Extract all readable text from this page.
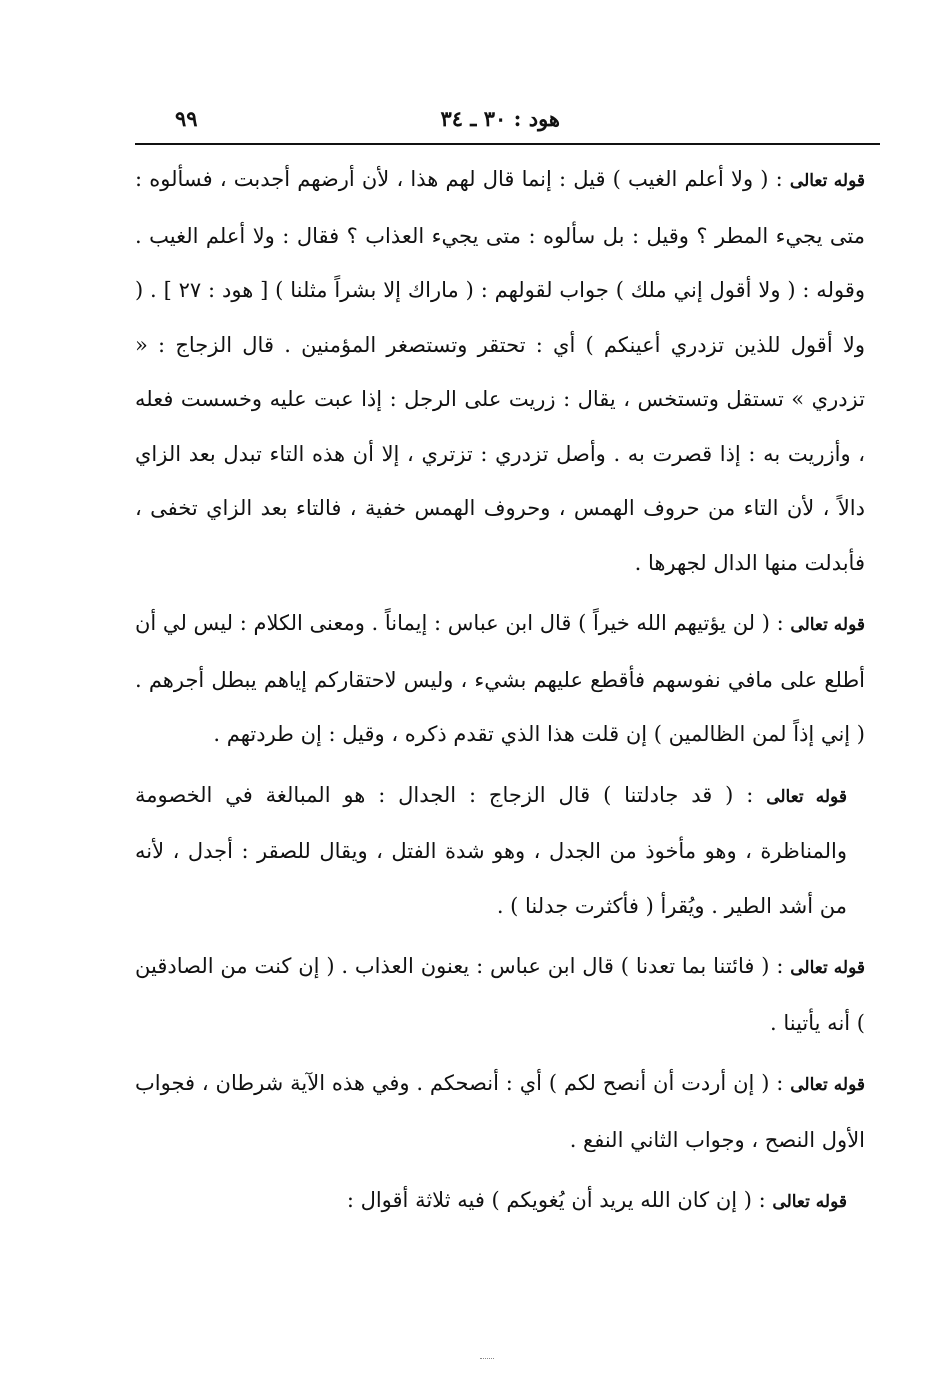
هود : ٣٠ ـ ٣٤
٩٩

قوله تعالى : ( ولا أعلم الغيب ) قيل : إنما قال لهم هذا ، لأن أرضهم أجدبت ، فسألوه : متى يجيء المطر ؟ وقيل : بل سألوه : متى يجيء العذاب ؟ فقال : ولا أعلم الغيب . وقوله : ( ولا أقول إني ملك ) جواب لقولهم : ( ماراك إلا بشراً مثلنا ) [ هود : ٢٧ ] . ( ولا أقول للذين تزدري أعينكم ) أي : تحتقر وتستصغر المؤمنين . قال الزجاج : « تزدري » تستقل وتستخس ، يقال : زريت على الرجل : إذا عبت عليه وخسست فعله ، وأزريت به : إذا قصرت به . وأصل تزدري : تزتري ، إلا أن هذه التاء تبدل بعد الزاي دالاً ، لأن التاء من حروف الهمس ، وحروف الهمس خفية ، فالتاء بعد الزاي تخفى ، فأبدلت منها الدال لجهرها .

قوله تعالى : ( لن يؤتيهم الله خيراً ) قال ابن عباس : إيماناً . ومعنى الكلام : ليس لي أن أطلع على مافي نفوسهم فأقطع عليهم بشيء ، وليس لاحتقاركم إياهم يبطل أجرهم . ( إني إذاً لمن الظالمين ) إن قلت هذا الذي تقدم ذكره ، وقيل : إن طردتهم .

قوله تعالى : ( قد جادلتنا ) قال الزجاج : الجدال : هو المبالغة في الخصومة والمناظرة ، وهو مأخوذ من الجدل ، وهو شدة الفتل ، ويقال للصقر : أجدل ، لأنه من أشد الطير . ويُقرأ ( فأكثرت جدلنا ) .

قوله تعالى : ( فائتنا بما تعدنا ) قال ابن عباس : يعنون العذاب . ( إن كنت من الصادقين ) أنه يأتينا .

قوله تعالى : ( إن أردت أن أنصح لكم ) أي : أنصحكم . وفي هذه الآية شرطان ، فجواب الأول النصح ، وجواب الثاني النفع .

قوله تعالى : ( إن كان الله يريد أن يُغويكم ) فيه ثلاثة أقوال :
